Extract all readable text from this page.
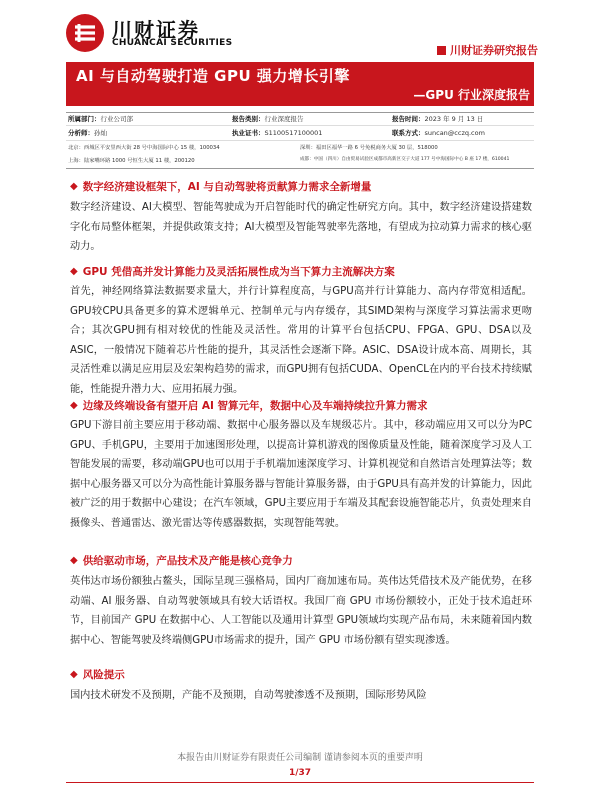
川财证券
CHUANCAI SECURITIES
川财证券研究报告
AI 与自动驾驶打造 GPU 强力增长引擎
—GPU 行业深度报告
所属部门：行业公司部	报告类别：行业深度报告	报告时间：2023 年 9 月 13 日
分析师：孙灿	执业证书：S1100517100001	联系方式：suncan@cczq.com
北京：西城区平安里西大街 28 号中海国际中心 15 楼，100034	深圳：福田区福华一路 6 号免税商务大厦 30 层，518000
上海：陆家嘴环路 1000 号恒生大厦 11 楼，200120	成都：中国（四川）自由贸易试验区成都市高新区交子大道 177 号中海国际中心 B 座 17 楼，610041
◆ 数字经济建设框架下，AI 与自动驾驶将贡献算力需求全新增量
数字经济建设、AI大模型、智能驾驶成为开启智能时代的确定性研究方向。其中，数字经济建设搭建数字化布局整体框架，并提供政策支持；AI大模型及智能驾驶率先落地，有望成为拉动算力需求的核心驱动力。
◆ GPU 凭借高并发计算能力及灵活拓展性成为当下算力主流解决方案
首先，神经网络算法数据要求量大，并行计算程度高，与GPU高并行计算能力、高内存带宽相适配。GPU较CPU具备更多的算术逻辑单元、控制单元与内存缓存，其SIMD架构与深度学习算法需求更吻合；其次GPU拥有相对较优的性能及灵活性。常用的计算平台包括CPU、FPGA、GPU、DSA以及ASIC，一般情况下随着芯片性能的提升，其灵活性会逐渐下降。ASIC、DSA设计成本高、周期长，其灵活性难以满足应用层及宏架构趋势的需求，而GPU拥有包括CUDA、OpenCL在内的平台技术持续赋能，性能提升潜力大、应用拓展力强。
◆ 边缘及终端设备有望开启 AI 智算元年，数据中心及车端持续拉升算力需求
GPU下游目前主要应用于移动端、数据中心服务器以及车规级芯片。其中，移动端应用又可以分为PC GPU、手机GPU，主要用于加速图形处理，以提高计算机游戏的图像质量及性能，随着深度学习及人工智能发展的需要，移动端GPU也可以用于手机端加速深度学习、计算机视觉和自然语言处理算法等；数据中心服务器又可以分为高性能计算服务器与智能计算服务器，由于GPU具有高并发的计算能力，因此被广泛的用于数据中心建设；在汽车领域，GPU主要应用于车端及其配套设施智能芯片，负责处理来自摄像头、普通雷达、激光雷达等传感器数据，实现智能驾驶。
◆ 供给驱动市场，产品技术及产能是核心竞争力
英伟达市场份额独占鳌头，国际呈现三强格局，国内厂商加速布局。英伟达凭借技术及产能优势，在移动端、AI 服务器、自动驾驶领域具有较大话语权。我国厂商 GPU 市场份额较小，正处于技术追赶环节，目前国产 GPU 在数据中心、人工智能以及通用计算型 GPU领域均实现产品布局，未来随着国内数据中心、智能驾驶及终端侧GPU市场需求的提升，国产 GPU 市场份额有望实现渗透。
◆ 风险提示
国内技术研发不及预期，产能不及预期，自动驾驶渗透不及预期，国际形势风险
本报告由川财证券有限责任公司编制 谨请参阅本页的重要声明
1/37
